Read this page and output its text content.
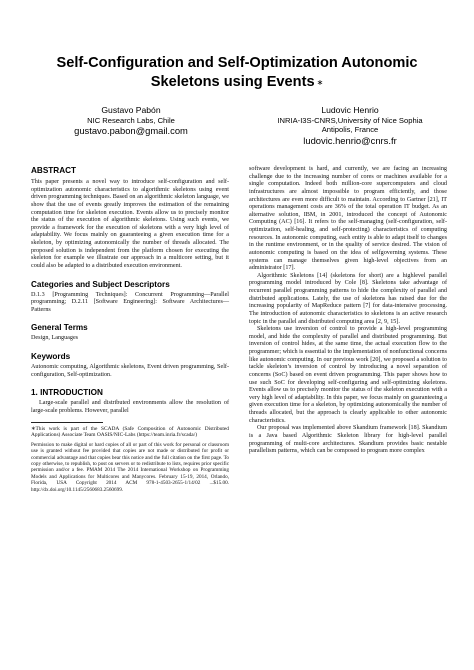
Self-Configuration and Self-Optimization Autonomic
Skeletons using Events ∗
Gustavo Pabón
NIC Research Labs, Chile
gustavo.pabon@gmail.com
Ludovic Henrio
INRIA-I3S-CNRS,University of Nice Sophia
Antipolis, France
ludovic.henrio@cnrs.fr
ABSTRACT

This paper presents a novel way to introduce self-configuration and self-optimization autonomic characteristics to algorithmic skeletons using event driven programming techniques. Based on an algorithmic skeleton language, we show that the use of events greatly improves the estimation of the remaining computation time for skeleton execution. Events allow us to precisely monitor the status of the execution of algorithmic skeletons. Using such events, we provide a framework for the execution of skeletons with a very high level of adaptability. We focus mainly on guaranteeing a given execution time for a skeleton, by optimizing autonomically the number of threads allocated. The proposed solution is independent from the platform chosen for executing the skeleton for example we illustrate our approach in a multicore setting, but it could also be adapted to a distributed execution environment.

Categories and Subject Descriptors

D.1.3 [Programming Techniques]: Concurrent Programming—Parallel programming; D.2.11 [Software Engineering]: Software Architectures—Patterns

General Terms

Design, Languages

Keywords

Autonomic computing, Algorithmic skeletons, Event driven programming, Self-configuration, Self-optimization.

1. INTRODUCTION

Large-scale parallel and distributed environments allow the resolution of large-scale problems. However, parallel

∗This work is part of the SCADA (Safe Composition of Autonomic Distributed Applications) Associate Team OASIS/NIC-Labs (https://team.inria.fr/scada/)

Permission to make digital or hard copies of all or part of this work for personal or classroom use is granted without fee provided that copies are not made or distributed for profit or commercial advantage and that copies bear this notice and the full citation on the first page. To copy otherwise, to republish, to post on servers or to redistribute to lists, requires prior specific permission and/or a fee. PMAM 2014 The 2014 International Workshop on Programming Models and Applications for Multicores and Manycores. February 15-19, 2014, Orlando, Florida, USA Copyright 2014 ACM 978-1-4503-2655-1/14/02 ...$15.00. http://dx.doi.org/10.1145/2560683.2560699.

software development is hard, and currently, we are facing an increasing challenge due to the increasing number of cores or machines available for a single computation. Indeed both million-core supercomputers and cloud infrastructures are almost impossible to program efficiently, and those architectures are even more difficult to maintain. According to Gartner [21], IT operations management costs are 36% of the total operation IT budget. As an alternative solution, IBM, in 2001, introduced the concept of Autonomic Computing (AC) [16]. It refers to the self-managing (self-configuration, self-optimization, self-healing, and self-protecting) characteristics of computing resources. In autonomic computing, each entity is able to adapt itself to changes in the runtime environment, or in the quality of service desired. The vision of autonomic computing is based on the idea of selfgoverning systems. These systems can manage themselves given high-level objectives from an administrator [17].

Algorithmic Skeletons [14] (skeletons for short) are a highlevel parallel programming model introduced by Cole [8]. Skeletons take advantage of recurrent parallel programming patterns to hide the complexity of parallel and distributed applications. Lately, the use of skeletons has raised due for the increasing popularity of MapReduce pattern [7] for data-intensive processing. The introduction of autonomic characteristics to skeletons is an active research topic in the parallel and distributed computing area [2, 9, 15].

Skeletons use inversion of control to provide a high-level programming model, and hide the complexity of parallel and distributed programming. But inversion of control hides, at the same time, the actual execution flow to the programmer; which is essential to the implementation of nonfunctional concerns like autonomic computing. In our previous work [20], we proposed a solution to tackle skeleton’s inversion of control by introducing a novel separation of concerns (SoC) based on event driven programming. This paper shows how to use such SoC for developing self-configuring and self-optimizing skeletons. Events allow us to precisely monitor the status of the skeleton execution with a very high level of adaptability. In this paper, we focus mainly on guaranteeing a given execution time for a skeleton, by optimizing autonomically the number of threads allocated, but the approach is clearly applicable to other autonomic characteristics.

Our proposal was implemented above Skandium framework [18]. Skandium is a Java based Algorithmic Skeleton library for high-level parallel programming of multi-core architectures. Skandium provides basic nestable parallelism patterns, which can be composed to program more complex
